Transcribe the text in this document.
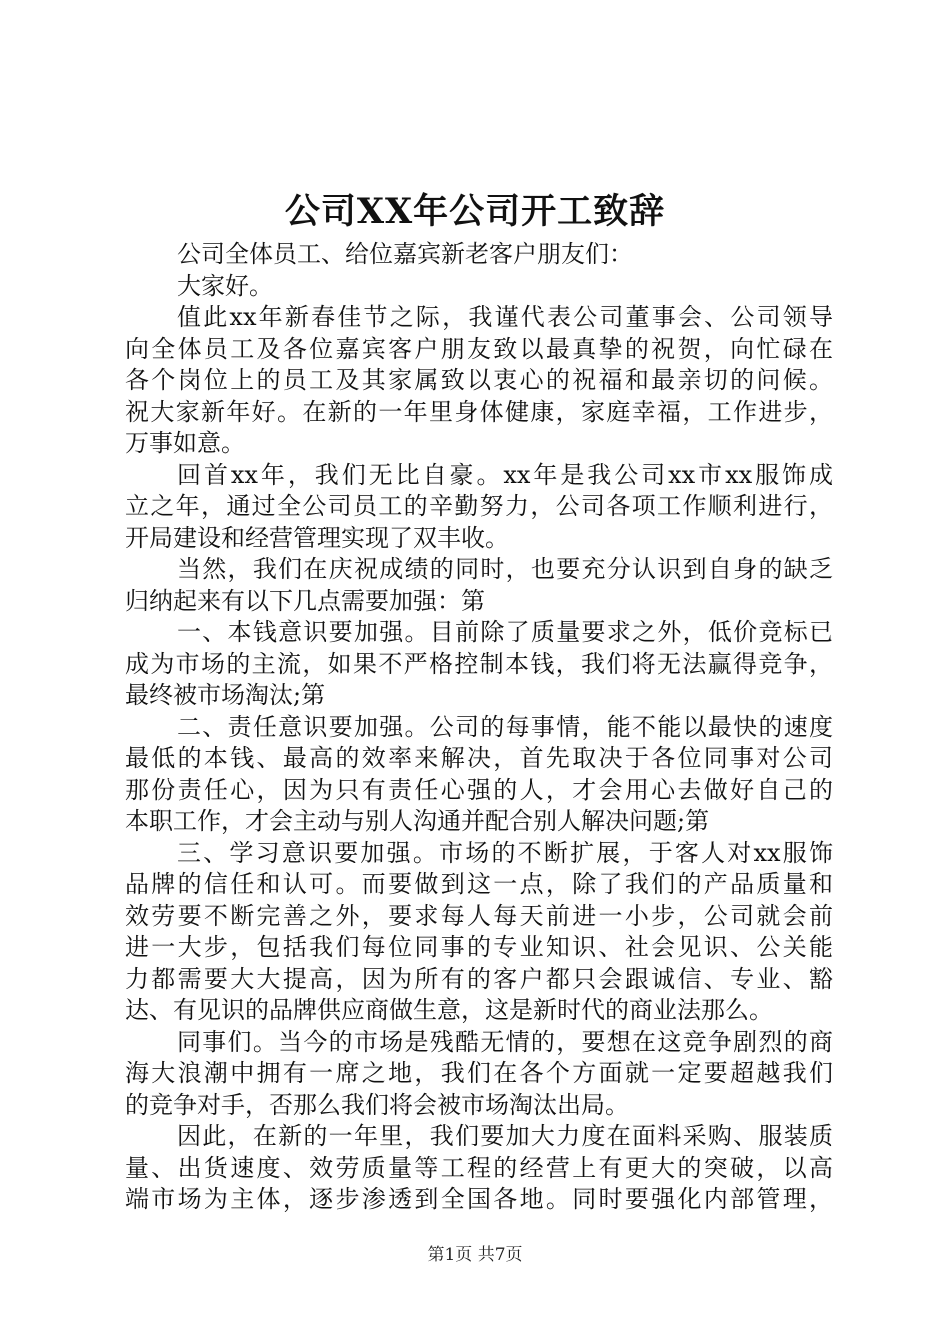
公司XX年公司开工致辞
公司全体员工、给位嘉宾新老客户朋友们：
大家好。
值此xx年新春佳节之际，我谨代表公司董事会、公司领导
向全体员工及各位嘉宾客户朋友致以最真挚的祝贺，向忙碌在
各个岗位上的员工及其家属致以衷心的祝福和最亲切的问候。
祝大家新年好。在新的一年里身体健康，家庭幸福，工作进步，
万事如意。
回首xx年，我们无比自豪。xx年是我公司xx市xx服饰成
立之年，通过全公司员工的辛勤努力，公司各项工作顺利进行，
开局建设和经营管理实现了双丰收。
当然，我们在庆祝成绩的同时，也要充分认识到自身的缺乏
归纳起来有以下几点需要加强：第
一、本钱意识要加强。目前除了质量要求之外，低价竞标已
成为市场的主流，如果不严格控制本钱，我们将无法赢得竞争，
最终被市场淘汰;第
二、责任意识要加强。公司的每事情，能不能以最快的速度
最低的本钱、最高的效率来解决，首先取决于各位同事对公司
那份责任心，因为只有责任心强的人，才会用心去做好自己的
本职工作，才会主动与别人沟通并配合别人解决问题;第
三、学习意识要加强。市场的不断扩展，于客人对xx服饰
品牌的信任和认可。而要做到这一点，除了我们的产品质量和
效劳要不断完善之外，要求每人每天前进一小步，公司就会前
进一大步，包括我们每位同事的专业知识、社会见识、公关能
力都需要大大提高，因为所有的客户都只会跟诚信、专业、豁
达、有见识的品牌供应商做生意，这是新时代的商业法那么。
同事们。当今的市场是残酷无情的，要想在这竞争剧烈的商
海大浪潮中拥有一席之地，我们在各个方面就一定要超越我们
的竞争对手，否那么我们将会被市场淘汰出局。
因此，在新的一年里，我们要加大力度在面料采购、服装质
量、出货速度、效劳质量等工程的经营上有更大的突破，以高
端市场为主体，逐步渗透到全国各地。同时要强化内部管理，
第1页 共7页
